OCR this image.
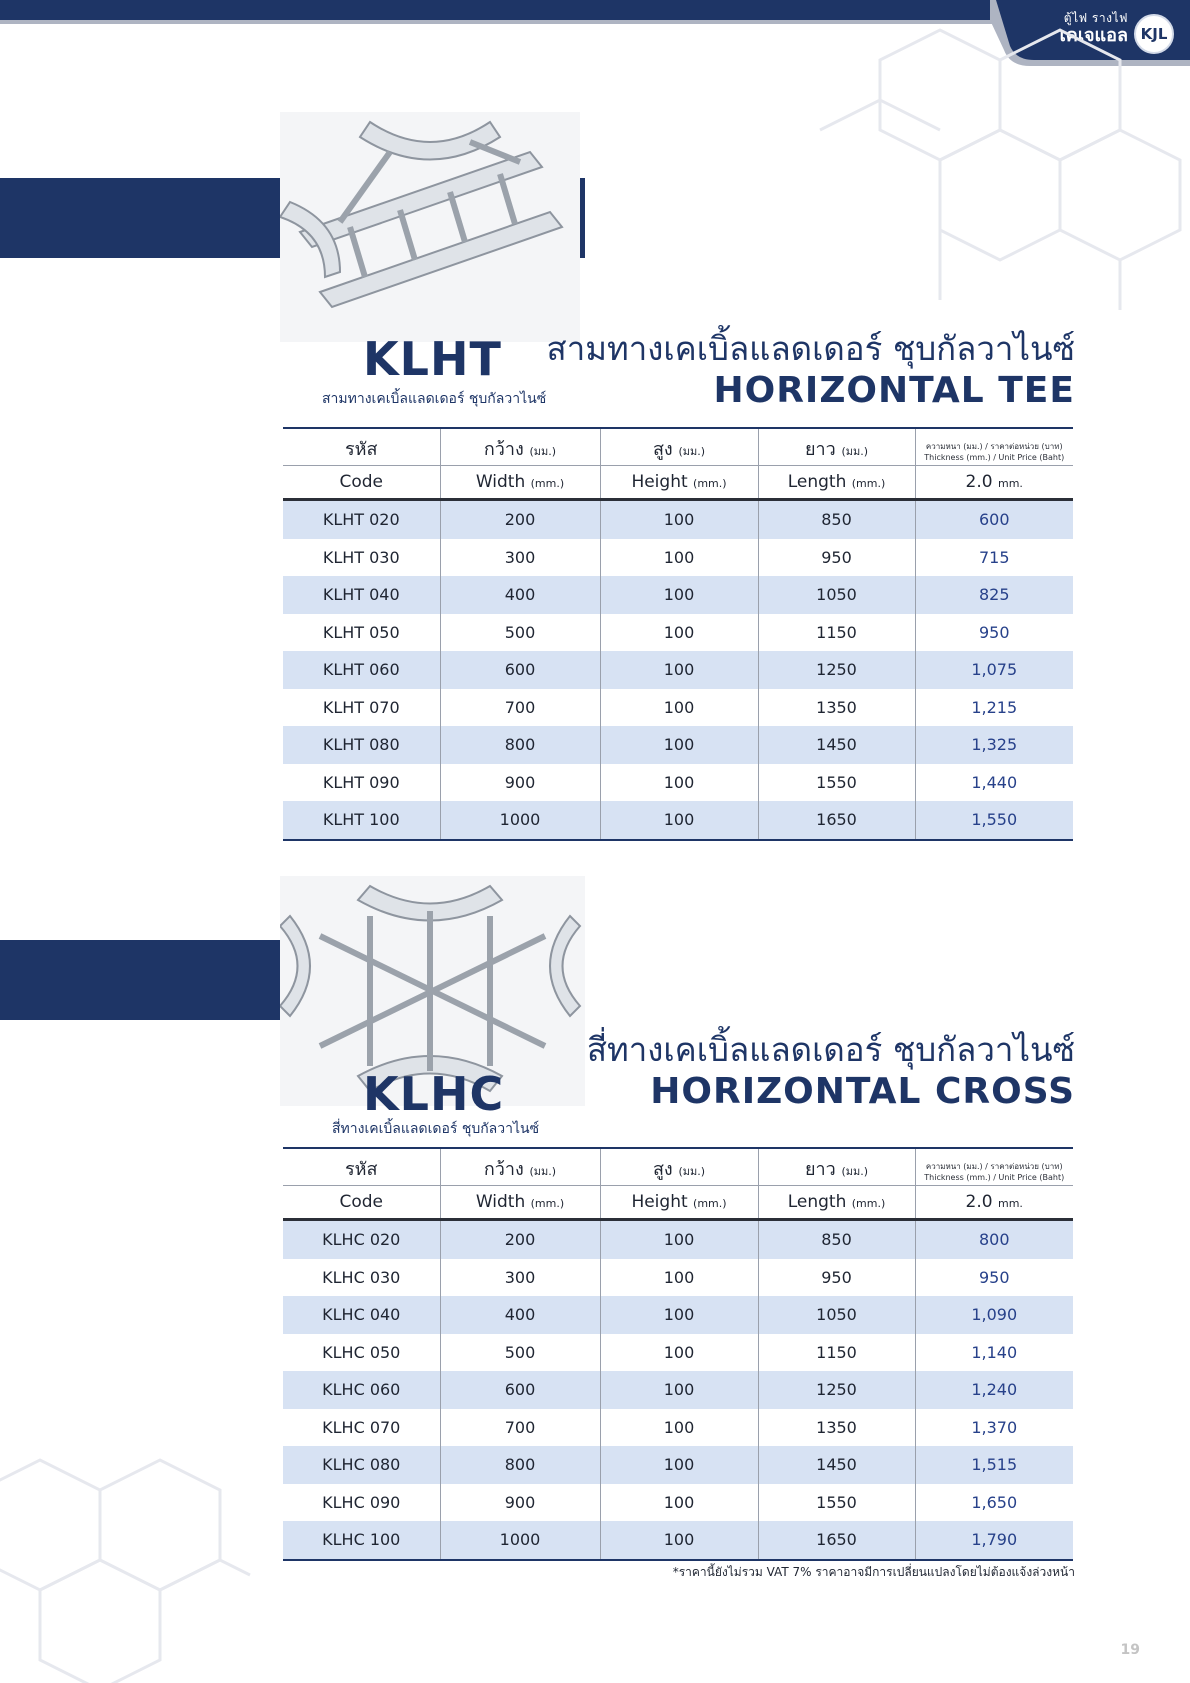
ตู้ไฟ รางไฟ
เคเจแอล KJL
KLHT
สามทางเคเบิ้ลแลดเดอร์ ชุบกัลวาไนซ์
สามทางเคเบิ้ลแลดเดอร์ ชุบกัลวาไนซ์
HORIZONTAL TEE
รหัส	กว้าง (มม.)	สูง (มม.)	ยาว (มม.)	ความหนา (มม.) / ราคาต่อหน่วย (บาท)
Thickness (mm.) / Unit Price (Baht)

Code	Width (mm.)	Height (mm.)	Length (mm.)	2.0 mm.
KLHT 020	200	100	850	600
KLHT 030	300	100	950	715
KLHT 040	400	100	1050	825
KLHT 050	500	100	1150	950
KLHT 060	600	100	1250	1,075
KLHT 070	700	100	1350	1,215
KLHT 080	800	100	1450	1,325
KLHT 090	900	100	1550	1,440
KLHT 100	1000	100	1650	1,550
KLHC
สี่ทางเคเบิ้ลแลดเดอร์ ชุบกัลวาไนซ์
สี่ทางเคเบิ้ลแลดเดอร์ ชุบกัลวาไนซ์
HORIZONTAL CROSS
รหัส	กว้าง (มม.)	สูง (มม.)	ยาว (มม.)	ความหนา (มม.) / ราคาต่อหน่วย (บาท)
Thickness (mm.) / Unit Price (Baht)

Code	Width (mm.)	Height (mm.)	Length (mm.)	2.0 mm.
KLHC 020	200	100	850	800
KLHC 030	300	100	950	950
KLHC 040	400	100	1050	1,090
KLHC 050	500	100	1150	1,140
KLHC 060	600	100	1250	1,240
KLHC 070	700	100	1350	1,370
KLHC 080	800	100	1450	1,515
KLHC 090	900	100	1550	1,650
KLHC 100	1000	100	1650	1,790
*ราคานี้ยังไม่รวม VAT 7% ราคาอาจมีการเปลี่ยนแปลงโดยไม่ต้องแจ้งล่วงหน้า
19
